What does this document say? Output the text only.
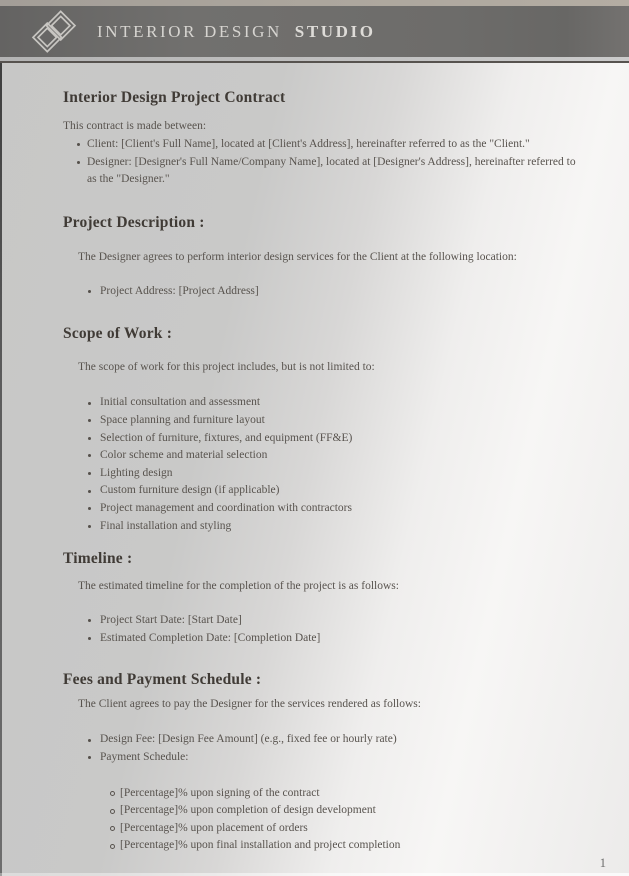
INTERIOR DESIGN STUDIO
Interior Design Project Contract

This contract is made between:

Client: [Client's Full Name], located at [Client's Address], hereinafter referred to as the "Client."
Designer: [Designer's Full Name/Company Name], located at [Designer's Address], hereinafter referred to as the "Designer."
Project Description :

The Designer agrees to perform interior design services for the Client at the following location:

Project Address: [Project Address]
Scope of Work :

The scope of work for this project includes, but is not limited to:

Initial consultation and assessment
Space planning and furniture layout
Selection of furniture, fixtures, and equipment (FF&E)
Color scheme and material selection
Lighting design
Custom furniture design (if applicable)
Project management and coordination with contractors
Final installation and styling
Timeline :

The estimated timeline for the completion of the project is as follows:

Project Start Date: [Start Date]
Estimated Completion Date: [Completion Date]
Fees and Payment Schedule :

The Client agrees to pay the Designer for the services rendered as follows:

Design Fee: [Design Fee Amount] (e.g., fixed fee or hourly rate)
Payment Schedule:
[Percentage]% upon signing of the contract
[Percentage]% upon completion of design development
[Percentage]% upon placement of orders
[Percentage]% upon final installation and project completion
1
